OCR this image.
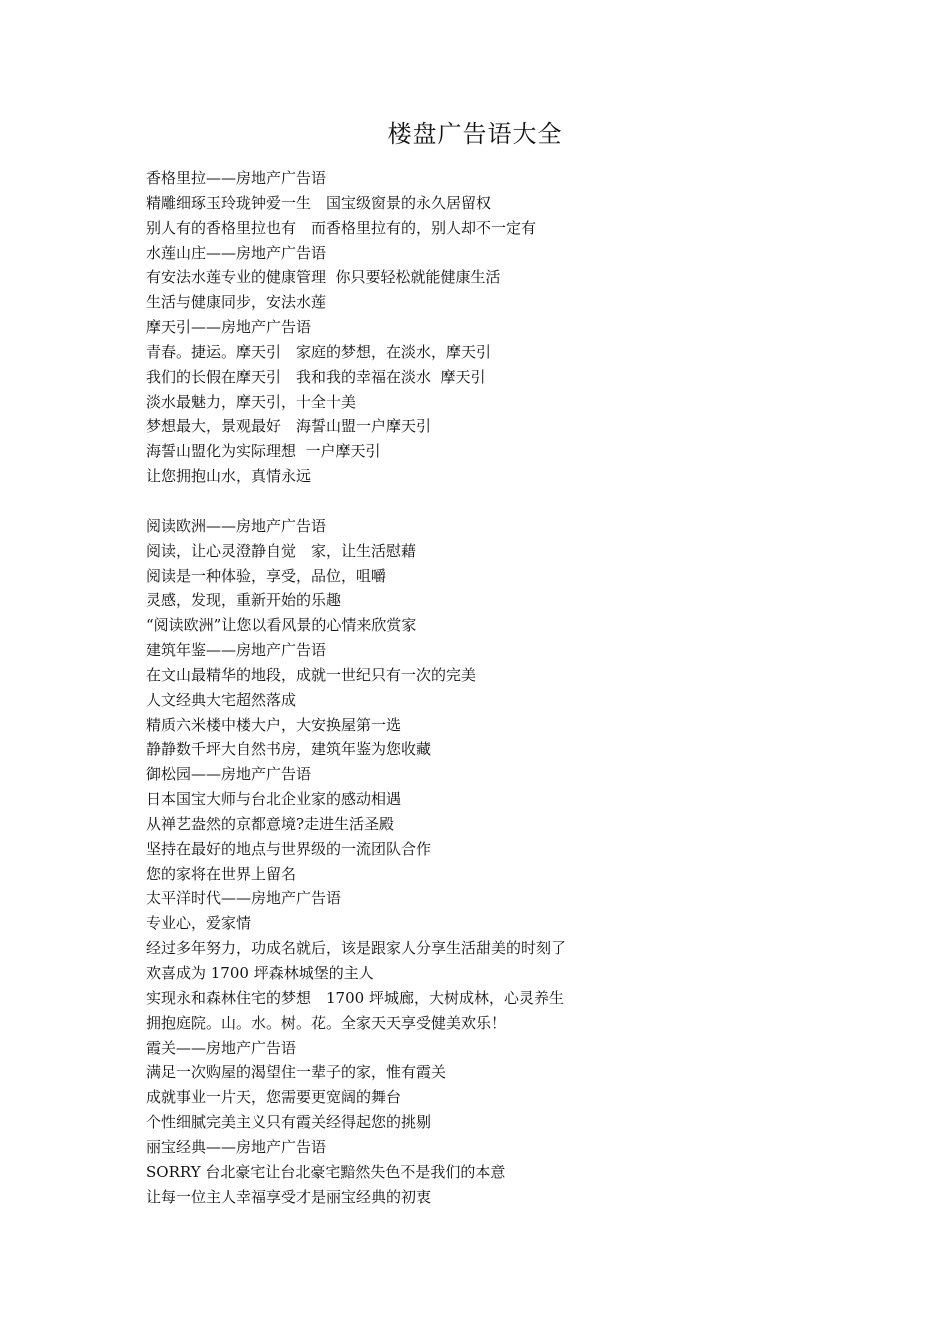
楼盘广告语大全
香格里拉——房地产广告语
精雕细琢玉玲珑钟爱一生　国宝级窗景的永久居留权
别人有的香格里拉也有　而香格里拉有的，别人却不一定有
水莲山庄——房地产广告语
有安法水莲专业的健康管理  你只要轻松就能健康生活
生活与健康同步，安法水莲
摩天引——房地产广告语
青春。捷运。摩天引　家庭的梦想，在淡水，摩天引
我们的长假在摩天引　我和我的幸福在淡水  摩天引
淡水最魅力，摩天引，十全十美
梦想最大，景观最好　海誓山盟一户摩天引
海誓山盟化为实际理想  一户摩天引
让您拥抱山水，真情永远
阅读欧洲——房地产广告语
阅读，让心灵澄静自觉　家，让生活慰藉
阅读是一种体验，享受，品位，咀嚼
灵感，发现，重新开始的乐趣
“阅读欧洲”让您以看风景的心情来欣赏家
建筑年鉴——房地产广告语
在文山最精华的地段，成就一世纪只有一次的完美
人文经典大宅超然落成
精质六米楼中楼大户，大安换屋第一选
静静数千坪大自然书房，建筑年鉴为您收藏
御松园——房地产广告语
日本国宝大师与台北企业家的感动相遇
从禅艺盎然的京都意境?走进生活圣殿
坚持在最好的地点与世界级的一流团队合作
您的家将在世界上留名
太平洋时代——房地产广告语
专业心，爱家情
经过多年努力，功成名就后，该是跟家人分享生活甜美的时刻了
欢喜成为 1700 坪森林城堡的主人
实现永和森林住宅的梦想　1700 坪城廊，大树成林，心灵养生
拥抱庭院。山。水。树。花。全家天天享受健美欢乐！
霞关——房地产广告语
满足一次购屋的渴望住一辈子的家，惟有霞关
成就事业一片天，您需要更宽阔的舞台
个性细腻完美主义只有霞关经得起您的挑剔
丽宝经典——房地产广告语
SORRY 台北豪宅让台北豪宅黯然失色不是我们的本意
让每一位主人幸福享受才是丽宝经典的初衷
